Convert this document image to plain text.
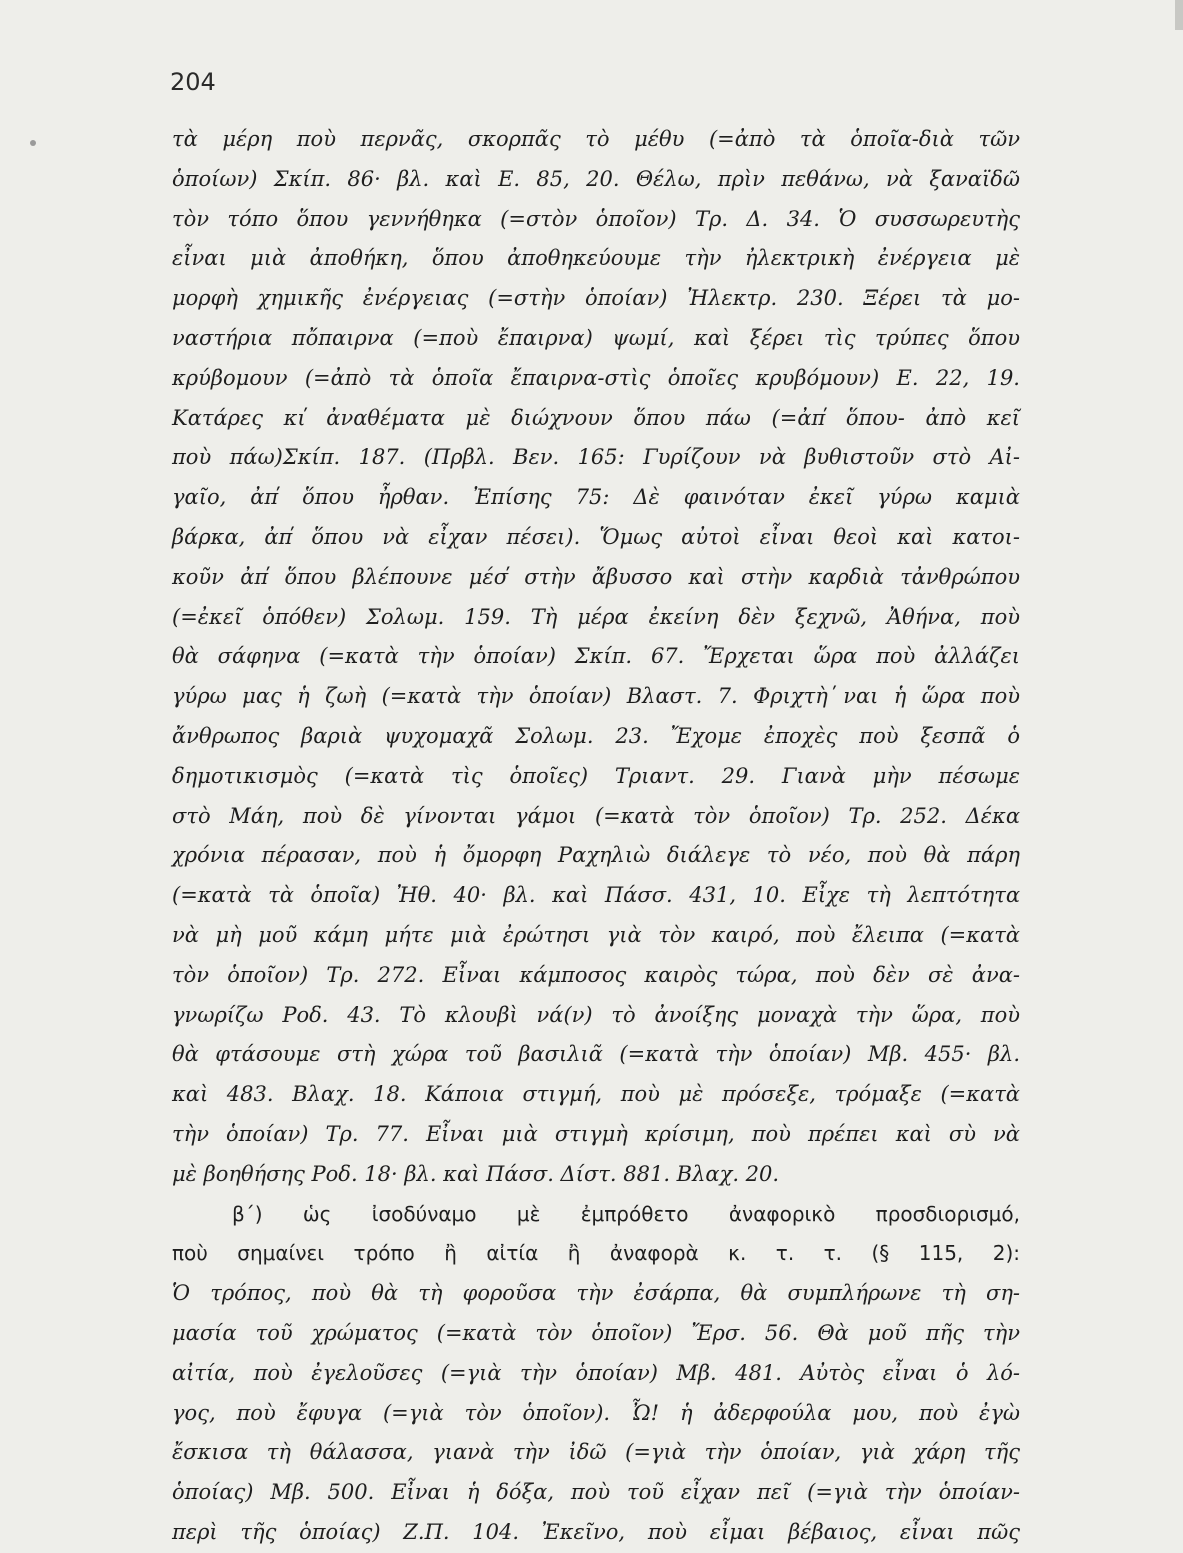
204
τὰ μέρη ποὺ περνᾶς, σκορπᾶς τὸ μέθυ (=ἀπὸ τὰ ὁποῖα-διὰ τῶν
ὁποίων) Σκίπ. 86· βλ. καὶ Ε. 85, 20. Θέλω, πρὶν πεθάνω, νὰ ξαναϊδῶ
τὸν τόπο ὅπου γεννήθηκα (=στὸν ὁποῖον) Τρ. Δ. 34. Ὁ συσσωρευτὴς
εἶναι μιὰ ἀποθήκη, ὅπου ἀποθηκεύουμε τὴν ἠλεκτρικὴ ἐνέργεια μὲ
μορφὴ χημικῆς ἐνέργειας (=στὴν ὁποίαν) Ἠλεκτρ. 230. Ξέρει τὰ μο-
ναστήρια πὄπαιρνα (=ποὺ ἔπαιρνα) ψωμί, καὶ ξέρει τὶς τρύπες ὅπου
κρύβομουν (=ἀπὸ τὰ ὁποῖα ἔπαιρνα-στὶς ὁποῖες κρυβόμουν) Ε. 22, 19.
Κατάρες κι̕ ἀναθέματα μὲ διώχνουν ὅπου πάω (=ἀπ̕ ὅπου- ἀπὸ κεῖ
ποὺ πάω)Σκίπ. 187. (Πρβλ. Βεν. 165: Γυρίζουν νὰ βυθιστοῦν στὸ Αἰ-
γαῖο, ἀπ̕ ὅπου ἦρθαν. Ἐπίσης 75: Δὲ φαινόταν ἐκεῖ γύρω καμιὰ
βάρκα, ἀπ̕ ὅπου νὰ εἶχαν πέσει). Ὅμως αὐτοὶ εἶναι θεοὶ καὶ κατοι-
κοῦν ἀπ̕ ὅπου βλέπουνε μέσ̕ στὴν ἄβυσσο καὶ στὴν καρδιὰ τἀνθρώπου
(=ἐκεῖ ὁπόθεν) Σολωμ. 159. Τὴ μέρα ἐκείνη δὲν ξεχνῶ, Ἀθήνα, ποὺ
θὰ σάφηνα (=κατὰ τὴν ὁποίαν) Σκίπ. 67. Ἔρχεται ὥρα ποὺ ἀλλάζει
γύρω μας ἡ ζωὴ (=κατὰ τὴν ὁποίαν) Βλαστ. 7. Φριχτὴ ̕ναι ἡ ὥρα ποὺ
ἄνθρωπος βαριὰ ψυχομαχᾶ Σολωμ. 23. Ἔχομε ἐποχὲς ποὺ ξεσπᾶ ὁ
δημοτικισμὸς (=κατὰ τὶς ὁποῖες) Τριαντ. 29. Γιανὰ μὴν πέσωμε
στὸ Μάη, ποὺ δὲ γίνονται γάμοι (=κατὰ τὸν ὁποῖον) Τρ. 252. Δέκα
χρόνια πέρασαν, ποὺ ἡ ὄμορφη Ραχηλιὼ διάλεγε τὸ νέο, ποὺ θὰ πάρη
(=κατὰ τὰ ὁποῖα) Ἠθ. 40· βλ. καὶ Πάσσ. 431, 10. Εἶχε τὴ λεπτότητα
νὰ μὴ μοῦ κάμη μήτε μιὰ ἐρώτησι γιὰ τὸν καιρό, ποὺ ἔλειπα (=κατὰ
τὸν ὁποῖον) Τρ. 272. Εἶναι κάμποσος καιρὸς τώρα, ποὺ δὲν σὲ ἀνα-
γνωρίζω Ροδ. 43. Τὸ κλουβὶ νά(ν) τὸ ἀνοίξης μοναχὰ τὴν ὥρα, ποὺ
θὰ φτάσουμε στὴ χώρα τοῦ βασιλιᾶ (=κατὰ τὴν ὁποίαν) Μβ. 455· βλ.
καὶ 483. Βλαχ. 18. Κάποια στιγμή, ποὺ μὲ πρόσεξε, τρόμαξε (=κατὰ
τὴν ὁποίαν) Τρ. 77. Εἶναι μιὰ στιγμὴ κρίσιμη, ποὺ πρέπει καὶ σὺ νὰ
μὲ βοηθήσης Ροδ. 18· βλ. καὶ Πάσσ. Δίστ. 881. Βλαχ. 20.
β΄) ὡς ἰσοδύναμο μὲ ἐμπρόθετο ἀναφορικὸ προσδιορισμό,
ποὺ σημαίνει τρόπο ἢ αἰτία ἢ ἀναφορὰ κ. τ. τ. (§ 115, 2):
Ὁ τρόπος, ποὺ θὰ τὴ φοροῦσα τὴν ἐσάρπα, θὰ συμπλήρωνε τὴ ση-
μασία τοῦ χρώματος (=κατὰ τὸν ὁποῖον) Ἔρσ. 56. Θὰ μοῦ πῆς τὴν
αἰτία, ποὺ ἐγελοῦσες (=γιὰ τὴν ὁποίαν) Μβ. 481. Αὐτὸς εἶναι ὁ λό-
γος, ποὺ ἔφυγα (=γιὰ τὸν ὁποῖον). Ὦ! ἡ ἀδερφούλα μου, ποὺ ἐγὼ
ἔσκισα τὴ θάλασσα, γιανὰ τὴν ἰδῶ (=γιὰ τὴν ὁποίαν, γιὰ χάρη τῆς
ὁποίας) Μβ. 500. Εἶναι ἡ δόξα, ποὺ τοῦ εἶχαν πεῖ (=γιὰ τὴν ὁποίαν-
περὶ τῆς ὁποίας) Ζ.Π. 104. Ἐκεῖνο, ποὺ εἶμαι βέβαιος, εἶναι πῶς
